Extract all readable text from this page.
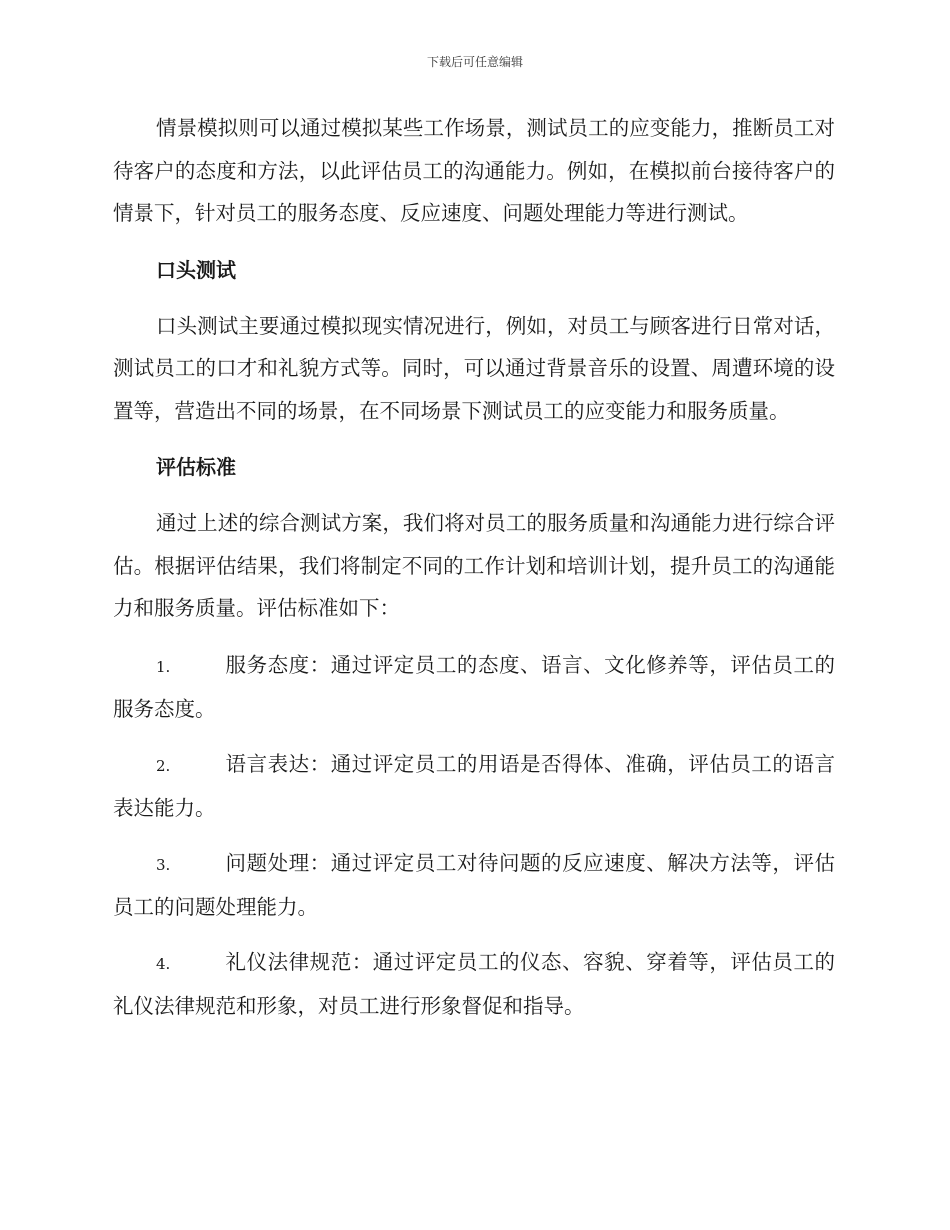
下载后可任意编辑

情景模拟则可以通过模拟某些工作场景，测试员工的应变能力，推断员工对待客户的态度和方法，以此评估员工的沟通能力。例如，在模拟前台接待客户的情景下，针对员工的服务态度、反应速度、问题处理能力等进行测试。

口头测试

口头测试主要通过模拟现实情况进行，例如，对员工与顾客进行日常对话，测试员工的口才和礼貌方式等。同时，可以通过背景音乐的设置、周遭环境的设置等，营造出不同的场景，在不同场景下测试员工的应变能力和服务质量。

评估标准

通过上述的综合测试方案，我们将对员工的服务质量和沟通能力进行综合评估。根据评估结果，我们将制定不同的工作计划和培训计划，提升员工的沟通能力和服务质量。评估标准如下：

1.	服务态度：通过评定员工的态度、语言、文化修养等，评估员工的服务态度。
2.	语言表达：通过评定员工的用语是否得体、准确，评估员工的语言表达能力。
3.	问题处理：通过评定员工对待问题的反应速度、解决方法等，评估员工的问题处理能力。
4.	礼仪法律规范：通过评定员工的仪态、容貌、穿着等，评估员工的礼仪法律规范和形象，对员工进行形象督促和指导。
